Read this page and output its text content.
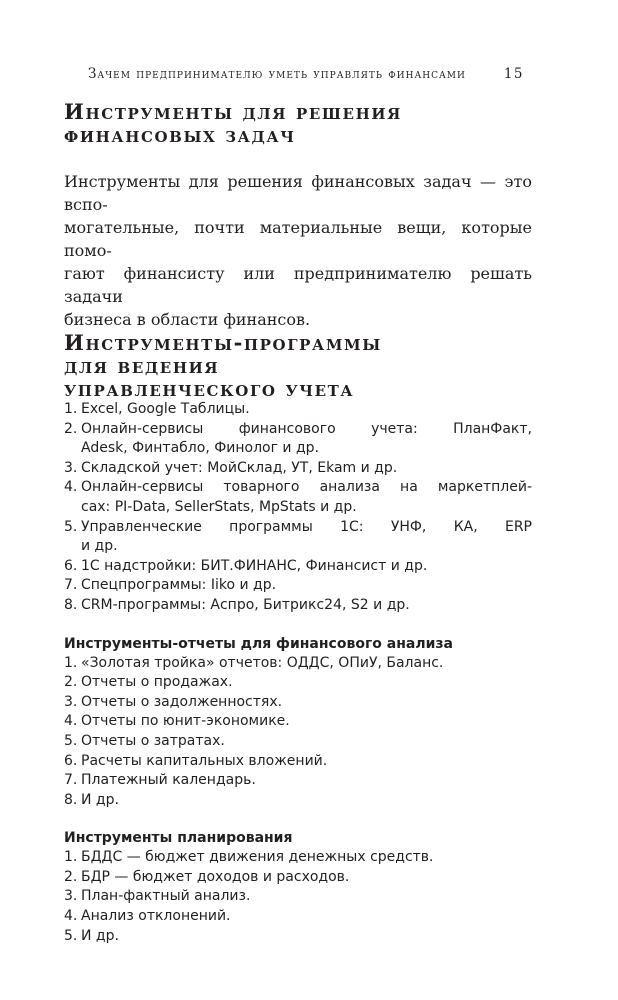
Зачем предпринимателю уметь управлять финансами	15
Инструменты для решения
финансовых задач

Инструменты для решения финансовых задач — это вспо-
могательные, почти материальные вещи, которые помо-
гают финансисту или предпринимателю решать задачи
бизнеса в области финансов.

Инструменты-программы
для ведения
управленческого учета
1. Excel, Google Таблицы.
2. Онлайн-сервисы финансового учета: ПланФакт,
Adesk, Финтабло, Финолог и др.
3. Складской учет: МойСклад, УТ, Ekam и др.
4. Онлайн-сервисы товарного анализа на маркетплей-
сах: PI-Data, SellerStats, MpStats и др.
5. Управленческие программы 1С: УНФ, КА, ERP
и др.
6. 1С надстройки: БИТ.ФИНАНС, Финансист и др.
7. Спецпрограммы: Iiko и др.
8. CRM-программы: Аспро, Битрикс24, S2 и др.
Инструменты-отчеты для финансового анализа
1. «Золотая тройка» отчетов: ОДДС, ОПиУ, Баланс.
2. Отчеты о продажах.
3. Отчеты о задолженностях.
4. Отчеты по юнит-экономике.
5. Отчеты о затратах.
6. Расчеты капитальных вложений.
7. Платежный календарь.
8. И др.
Инструменты планирования
1. БДДС — бюджет движения денежных средств.
2. БДР — бюджет доходов и расходов.
3. План-фактный анализ.
4. Анализ отклонений.
5. И др.
